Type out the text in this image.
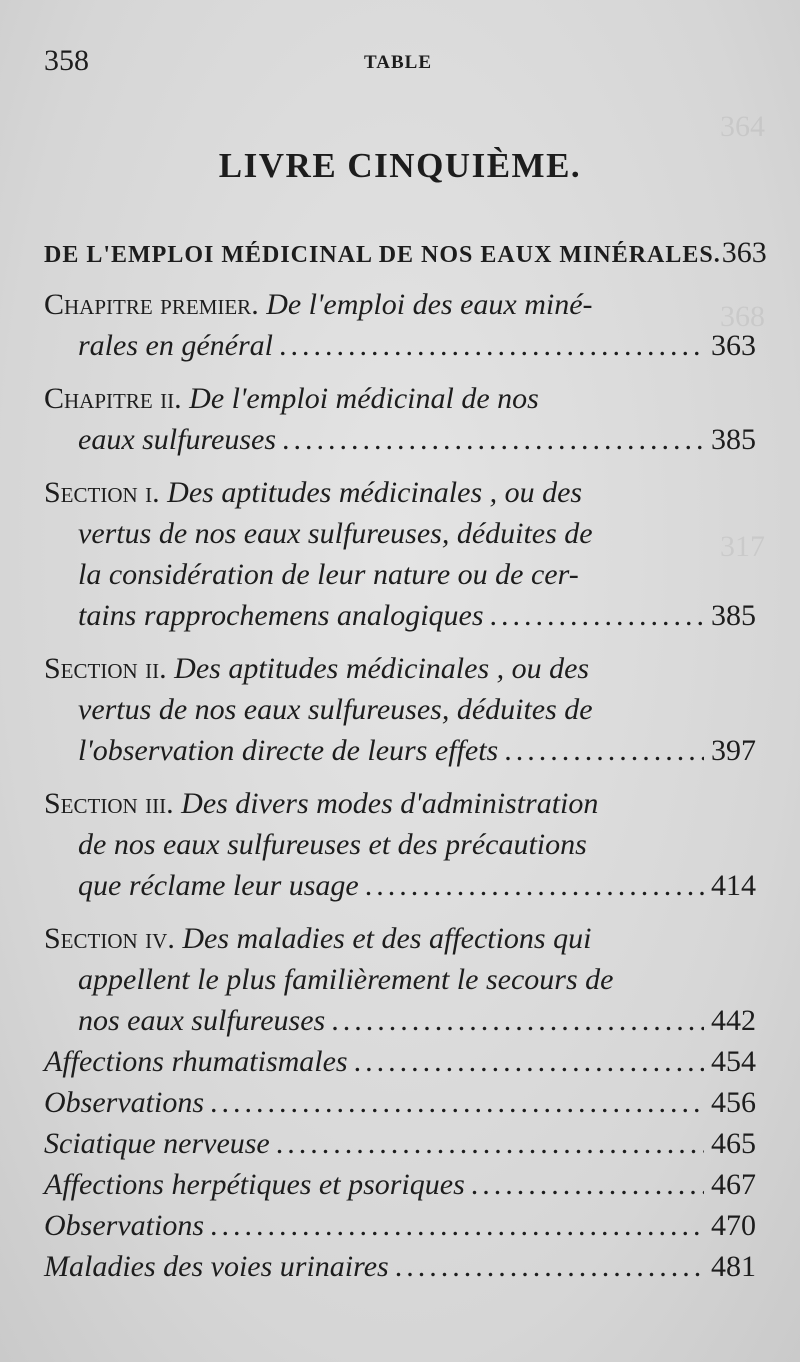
364
368
317
358	TABLE
LIVRE CINQUIÈME.
DE L'EMPLOI MÉDICINAL DE NOS EAUX MINÉRALES. 363
Chapitre premier. De l'emploi des eaux miné-
rales en général .....	363
Chapitre ii.
De l'emploi médicinal de nos
eaux sulfureuses .....	385
Section i.
Des aptitudes médicinales , ou des
vertus de nos eaux sulfureuses, déduites de
la considération de leur nature ou de cer-
tains rapprochemens analogiques .....	385
Section ii.
Des aptitudes médicinales , ou des
vertus de nos eaux sulfureuses, déduites de
l'observation directe de leurs effets .....	397
Section iii.
Des divers modes d'administration
de nos eaux sulfureuses et des précautions
que réclame leur usage .....	414
Section iv.
Des maladies et des affections qui
appellent le plus familièrement le secours de
nos eaux sulfureuses .....	442
Affections rhumatismales .....	454
Observations .....	456
Sciatique nerveuse .....	465
Affections herpétiques et psoriques .....	467
Observations .....	470
Maladies des voies urinaires .....	481
